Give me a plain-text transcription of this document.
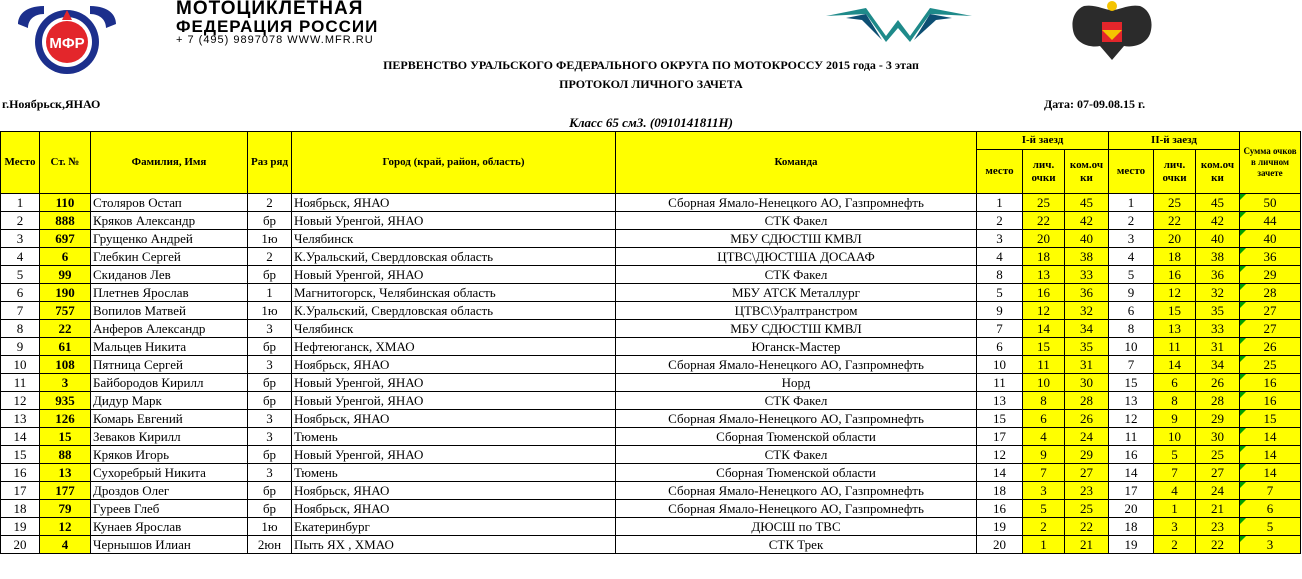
МФР
МОТОЦИКЛЕТНАЯ
ФЕДЕРАЦИЯ РОССИИ
+ 7 (495) 9897078 WWW.MFR.RU
ПЕРВЕНСТВО УРАЛЬСКОГО ФЕДЕРАЛЬНОГО ОКРУГА ПО МОТОКРОССУ 2015 года - 3 этап
ПРОТОКОЛ ЛИЧНОГО ЗАЧЕТА
г.Ноябрьск,ЯНАО	Дата: 07-09.08.15 г.
Класс 65 смЗ. (0910141811H)
Место	Ст. №	Фамилия, Имя	Раз ряд	Город (край, район, область)	Команда	I-й заезд			II-й заезд			Сумма очков в личном зачете
						место	лич. очки	ком.оч ки	место	лич. очки	ком.оч ки	
1	110	Столяров Остап	2	Ноябрьск, ЯНАО	Сборная Ямало-Ненецкого АО, Газпромнефть	1	25	45	1	25	45	50
2	888	Кряков Александр	бр	Новый Уренгой, ЯНАО	СТК Факел	2	22	42	2	22	42	44
3	697	Грущенко Андрей	1ю	Челябинск	МБУ СДЮСТШ КМВЛ	3	20	40	3	20	40	40
4	6	Глебкин Сергей	2	К.Уральский, Свердловская область	ЦТВС\ДЮСТША ДОСААФ	4	18	38	4	18	38	36
5	99	Скиданов Лев	бр	Новый Уренгой, ЯНАО	СТК Факел	8	13	33	5	16	36	29
6	190	Плетнев Ярослав	1	Магнитогорск, Челябинская область	МБУ АТСК Металлург	5	16	36	9	12	32	28
7	757	Вопилов Матвей	1ю	К.Уральский, Свердловская область	ЦТВС\Уралтранстром	9	12	32	6	15	35	27
8	22	Анферов Александр	3	Челябинск	МБУ СДЮСТШ КМВЛ	7	14	34	8	13	33	27
9	61	Мальцев Никита	бр	Нефтеюганск, ХМАО	Юганск-Мастер	6	15	35	10	11	31	26
10	108	Пятница Сергей	3	Ноябрьск, ЯНАО	Сборная Ямало-Ненецкого АО, Газпромнефть	10	11	31	7	14	34	25
11	3	Байбородов Кирилл	бр	Новый Уренгой, ЯНАО	Норд	11	10	30	15	6	26	16
12	935	Дидур Марк	бр	Новый Уренгой, ЯНАО	СТК Факел	13	8	28	13	8	28	16
13	126	Комарь Евгений	3	Ноябрьск, ЯНАО	Сборная Ямало-Ненецкого АО, Газпромнефть	15	6	26	12	9	29	15
14	15	Зеваков Кирилл	3	Тюмень	Сборная Тюменской области	17	4	24	11	10	30	14
15	88	Кряков Игорь	бр	Новый Уренгой, ЯНАО	СТК Факел	12	9	29	16	5	25	14
16	13	Сухоребрый Никита	3	Тюмень	Сборная Тюменской области	14	7	27	14	7	27	14
17	177	Дроздов Олег	бр	Ноябрьск, ЯНАО	Сборная Ямало-Ненецкого АО, Газпромнефть	18	3	23	17	4	24	7
18	79	Гуреев Глеб	бр	Ноябрьск, ЯНАО	Сборная Ямало-Ненецкого АО, Газпромнефть	16	5	25	20	1	21	6
19	12	Кунаев Ярослав	1ю	Екатеринбург	ДЮСШ по ТВС	19	2	22	18	3	23	5
20	4	Чернышов Илиан	2юн	Пыть ЯХ , ХМАО	СТК Трек	20	1	21	19	2	22	3
